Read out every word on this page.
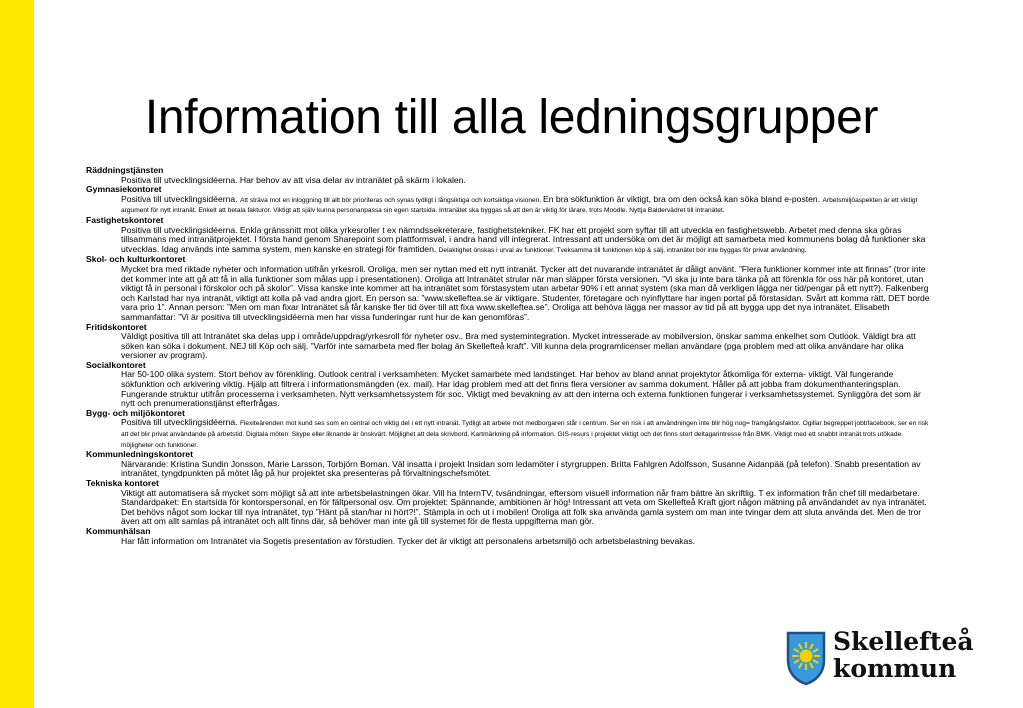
Information till alla ledningsgrupper
Räddningstjänsten
Positiva till utvecklingsidéerna. Har behov av att visa delar av intranätet på skärm i lokalen.
Gymnasiekontoret
Positiva till utvecklingsidéerna. Att sträva mot en inloggning till allt bör prioriteras och synas tydligt i långsiktiga och kortsiktiga visionen. En bra sökfunktion är viktigt, bra om den också kan söka bland e-posten. Arbetsmiljöaspekten är ett viktigt argument för nytt intranät. Enkelt att betala fakturor. Viktigt att själv kunna personanpassa sin egen startsida. Intranätet ska byggas så att den är viktig för lärare, trots Moodle. Nyttja Baldervädret till intranätet.
Fastighetskontoret
Positiva till utvecklingsidéerna. Enkla gränssnitt mot olika yrkesroller t ex nämndssekreterare, fastighetstekniker. FK har ett projekt som syftar till att utveckla en fastighetswebb. Arbetet med denna ska göras tillsammans med intranätprojektet. I första hand genom Sharepoint som plattformsval, i andra hand vill integrerat. Intressant att undersöka om det är möjligt att samarbeta med kommunens bolag då funktioner ska utvecklas. Idag används inte samma system, men kanske en strategi för framtiden. Delaktighet önskas i urval av funktioner. Tveksamma till funktionen köp & sälj, intranätet bör inte byggas för privat användning.
Skol- och kulturkontoret
Mycket bra med riktade nyheter och information utifrån yrkesroll. Oroliga, men ser nyttan med ett nytt intranät. Tycker att det nuvarande intranätet är dåligt använt. ”Flera funktioner kommer inte att finnas” (tror inte det kommer inte att gå att få in alla funktioner som målas upp i presentationen). Oroliga att Intranätet strular när man släpper första versionen. ”Vi ska ju inte bara tänka på att förenkla för oss här på kontoret, utan viktigt få in personal i förskolor och på skolor”. Vissa kanske inte kommer att ha intranätet som förstasystem utan arbetar 90% i ett annat system (ska man då verkligen lägga ner tid/pengar på ett nytt?). Falkenberg och Karlstad har nya intranät, viktigt att kolla på vad andra gjort. En person sa: ”www.skelleftea.se är viktigare. Studenter, företagare och nyinflyttare har ingen portal på förstasidan. Svårt att komma rätt. DET borde vara prio 1”. Annan person: ”Men om man fixar Intranätet så får kanske fler tid över till att fixa www.skelleftea.se”. Oroliga att behöva lägga ner massor av tid på att bygga upp det nya intranätet. Elisabeth sammanfattar: ”Vi är positiva till utvecklingsidéerna men har vissa funderingar runt hur de kan genomföras”.
Fritidskontoret
Väldigt positiva till att Intranätet ska delas upp i område/uppdrag/yrkesroll för nyheter osv.. Bra med systemintegration. Mycket intresserade av mobilversion, önskar samma enkelhet som Outlook. Väldigt bra att söken kan söka i dokument. NEJ till Köp och sälj. ”Varför inte samarbeta med fler bolag än Skellefteå kraft”. Vill kunna dela programlicenser mellan användare (pga problem med att olika användare har olika versioner av program).
Socialkontoret
Har 50-100 olika system. Stort behov av förenkling. Outlook central i verksamheten. Mycket samarbete med landstinget. Har behov av bland annat projektytor åtkomliga för externa- viktigt. Väl fungerande sökfunktion och arkivering viktig. Hjälp att filtrera i informationsmängden (ex. mail). Har idag problem med att det finns flera versioner av samma dokument. Håller på att jobba fram dokumenthanteringsplan. Fungerande struktur utifrån processerna i verksamheten. Nytt verksamhetssystem för soc. Viktigt med bevakning av att den interna och externa funktionen fungerar i verksamhetssystemet. Synliggöra det som är nytt och prenumerationstjänst efterfrågas.
Bygg- och miljökontoret
Positiva till utvecklingsidéerna. Flexiteärenden mot kund ses som en central och viktig del i ett nytt intranät. Tydligt att arbete mot medborgaren står i centrum. Ser en risk i att användningen inte blir hög nog= framgångsfaktor. Ogillar begreppet jobbfacebook, ser en risk att det blir privat användande på arbetstid. Digitala möten: Skype eller liknande är önskvärt. Möjlighet att dela skrivbord. Kartmärkning på information. GIS-resurs i projektet viktigt och det finns stort deltagarintresse från BMK. Viktigt med ett snabbt intranät trots utökade möjligheter och funktioner.
Kommunledningskontoret
Närvarande: Kristina Sundin Jonsson, Marie Larsson, Torbjörn Boman. Väl insatta i projekt Insidan som ledamöter i styrgruppen. Britta Fahlgren Adolfsson, Susanne Aidanpää (på telefon). Snabb presentation av intranätet, tyngdpunkten på mötet låg på hur projektet ska presenteras på förvaltningschefsmötet.
Tekniska kontoret
Viktigt att automatisera så mycket som möjligt så att inte arbetsbelastningen ökar. Vill ha InternTV, tvsändningar, eftersom visuell information når fram bättre än skriftlig. T ex information från chef till medarbetare. Standardpaket: En startsida för kontorspersonal, en för fältpersonal osv. Om projektet: Spännande, ambitionen är hög! Intressant att veta om Skellefteå Kraft gjort någon mätning på användandet av nya intranätet. Det behövs något som lockar till nya intranätet, typ ”Hänt på stan/har ni hört?!”. Stämpla in och ut i mobilen! Oroliga att folk ska använda gamla system om man inte tvingar dem att sluta använda det. Men de tror även att om allt samlas på intranätet och allt finns där, så behöver man inte gå till systemet för de flesta uppgifterna man gör.
Kommunhälsan
Har fått information om Intranätet via Sogetis presentation av förstudien. Tycker det är viktigt att personalens arbetsmiljö och arbetsbelastning bevakas.
Skellefteå
kommun
